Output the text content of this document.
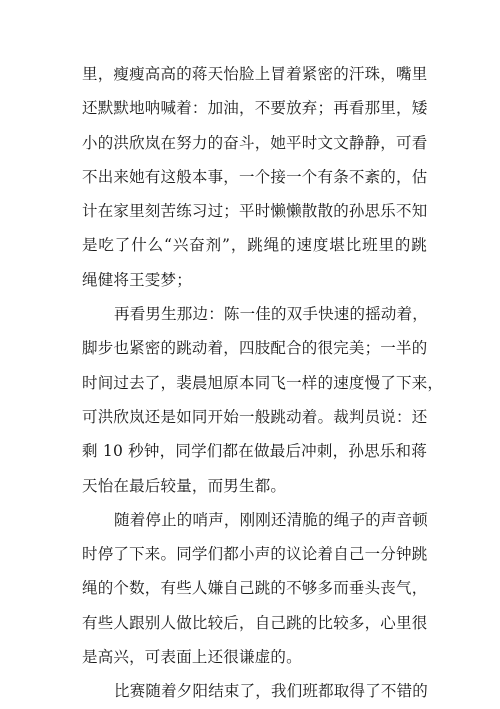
里，瘦瘦高高的蒋天怡脸上冒着紧密的汗珠，嘴里
还默默地呐喊着：加油，不要放弃；再看那里，矮
小的洪欣岚在努力的奋斗，她平时文文静静，可看
不出来她有这般本事，一个接一个有条不紊的，估
计在家里刻苦练习过；平时懒懒散散的孙思乐不知
是吃了什么“兴奋剂”，跳绳的速度堪比班里的跳
绳健将王雯梦；
再看男生那边：陈一佳的双手快速的摇动着，
脚步也紧密的跳动着，四肢配合的很完美；一半的
时间过去了，裴晨旭原本同飞一样的速度慢了下来，
可洪欣岚还是如同开始一般跳动着。裁判员说：还
剩 10 秒钟，同学们都在做最后冲刺，孙思乐和蒋
天怡在最后较量，而男生都。
随着停止的哨声，刚刚还清脆的绳子的声音顿
时停了下来。同学们都小声的议论着自己一分钟跳
绳的个数，有些人嫌自己跳的不够多而垂头丧气，
有些人跟别人做比较后，自己跳的比较多，心里很
是高兴，可表面上还很谦虚的。
比赛随着夕阳结束了，我们班都取得了不错的
